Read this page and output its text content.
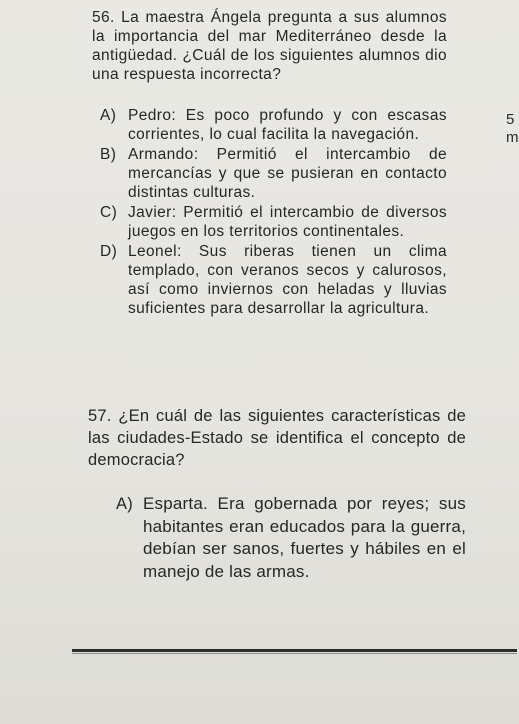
56. La maestra Ángela pregunta a sus alumnos la importancia del mar Mediterráneo desde la antigüedad. ¿Cuál de los siguientes alumnos dio una respuesta incorrecta?
A) Pedro: Es poco profundo y con escasas corrientes, lo cual facilita la navegación.
B) Armando: Permitió el intercambio de mercancías y que se pusieran en contacto distintas culturas.
C) Javier: Permitió el intercambio de diversos juegos en los territorios continentales.
D) Leonel: Sus riberas tienen un clima templado, con veranos secos y calurosos, así como inviernos con heladas y lluvias suficientes para desarrollar la agricultura.
5
m
57. ¿En cuál de las siguientes características de las ciudades-Estado se identifica el concepto de democracia?
A) Esparta. Era gobernada por reyes; sus habitantes eran educados para la guerra, debían ser sanos, fuertes y hábiles en el manejo de las armas.
